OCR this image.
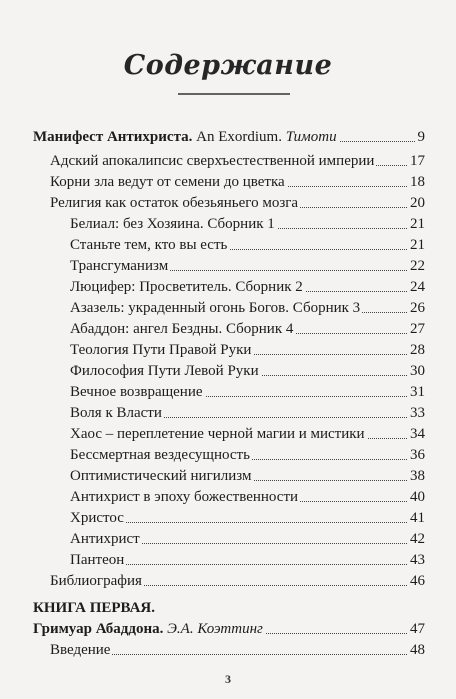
Содержание
Манифест Антихриста. An Exordium. Тимоти	9
Адский апокалипсис сверхъестественной империи 17
Корни зла ведут от семени до цветка	18
Религия как остаток обезьяньего мозга	20
Белиал: без Хозяина. Сборник 1	21
Станьте тем, кто вы есть	21
Трансгуманизм	22
Люцифер: Просветитель. Сборник 2	24
Азазель: украденный огонь Богов. Сборник 3	26
Абаддон: ангел Бездны. Сборник 4	27
Теология Пути Правой Руки	28
Философия Пути Левой Руки	30
Вечное возвращение	31
Воля к Власти	33
Хаос – переплетение черной магии и мистики	34
Бессмертная вездесущность	36
Оптимистический нигилизм	38
Антихрист в эпоху божественности	40
Христос	41
Антихрист	42
Пантеон	43
Библиография	46
КНИГА ПЕРВАЯ.
Гримуар Абаддона. Э.А. Коэттинг	47
Введение	48
3
